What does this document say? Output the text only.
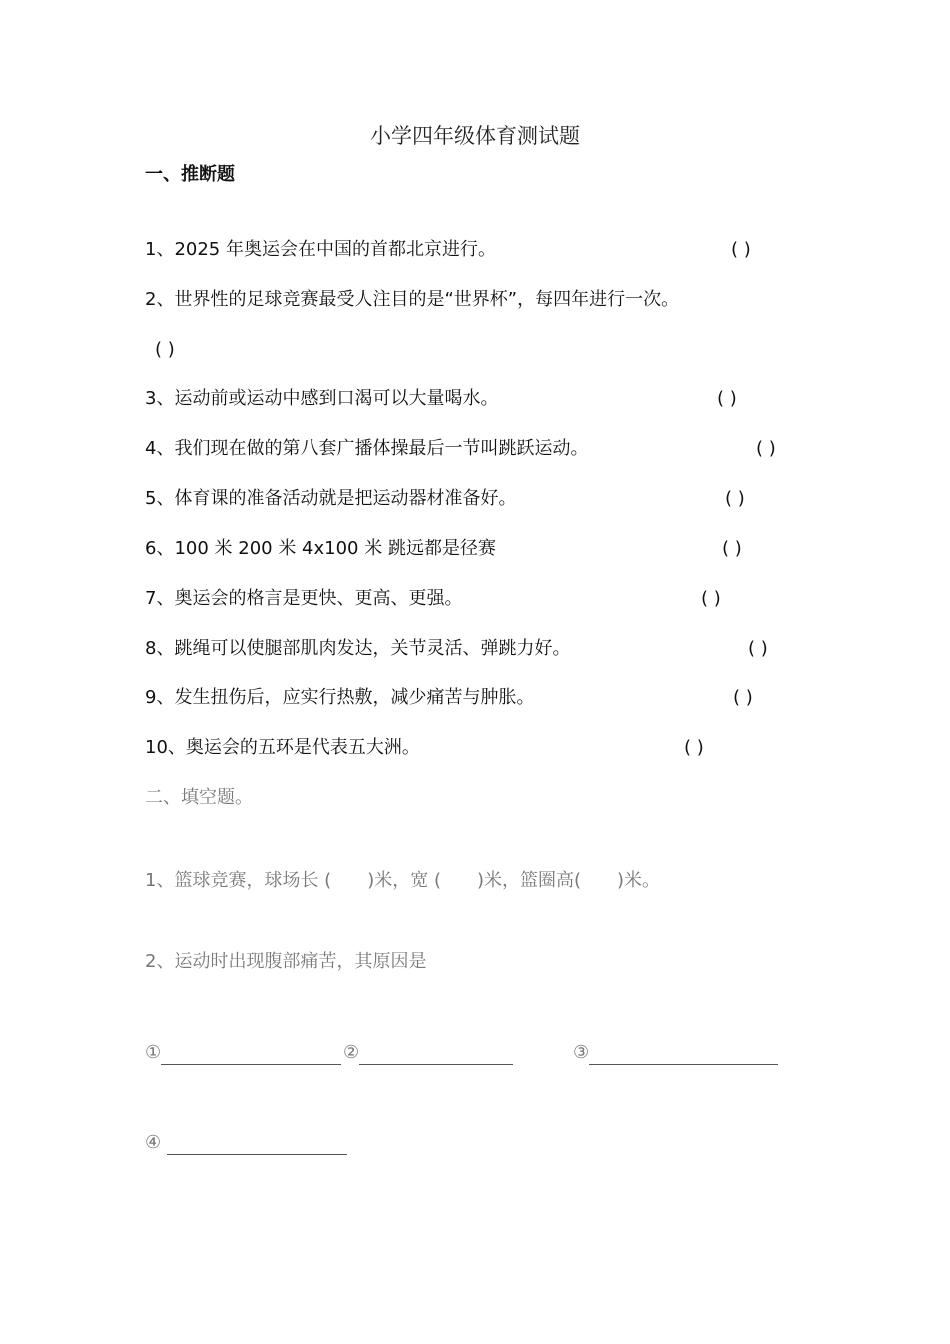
小学四年级体育测试题
一、推断题
1、2025 年奥运会在中国的首都北京进行。	( )
2、世界性的足球竞赛最受人注目的是“世界杯”，每四年进行一次。
( )
3、运动前或运动中感到口渴可以大量喝水。	( )
4、我们现在做的第八套广播体操最后一节叫跳跃运动。	( )
5、体育课的准备活动就是把运动器材准备好。	( )
6、100 米 200 米 4x100 米 跳远都是径赛	( )
7、奥运会的格言是更快、更高、更强。	( )
8、跳绳可以使腿部肌肉发达，关节灵活、弹跳力好。	( )
9、发生扭伤后，应实行热敷，减少痛苦与肿胀。	( )
10、奥运会的五环是代表五大洲。	( )
二、填空题。
1、篮球竞赛，球场长 ( )米，宽 ( )米，篮圈高( )米。
2、运动时出现腹部痛苦，其原因是
①	②	③
④
